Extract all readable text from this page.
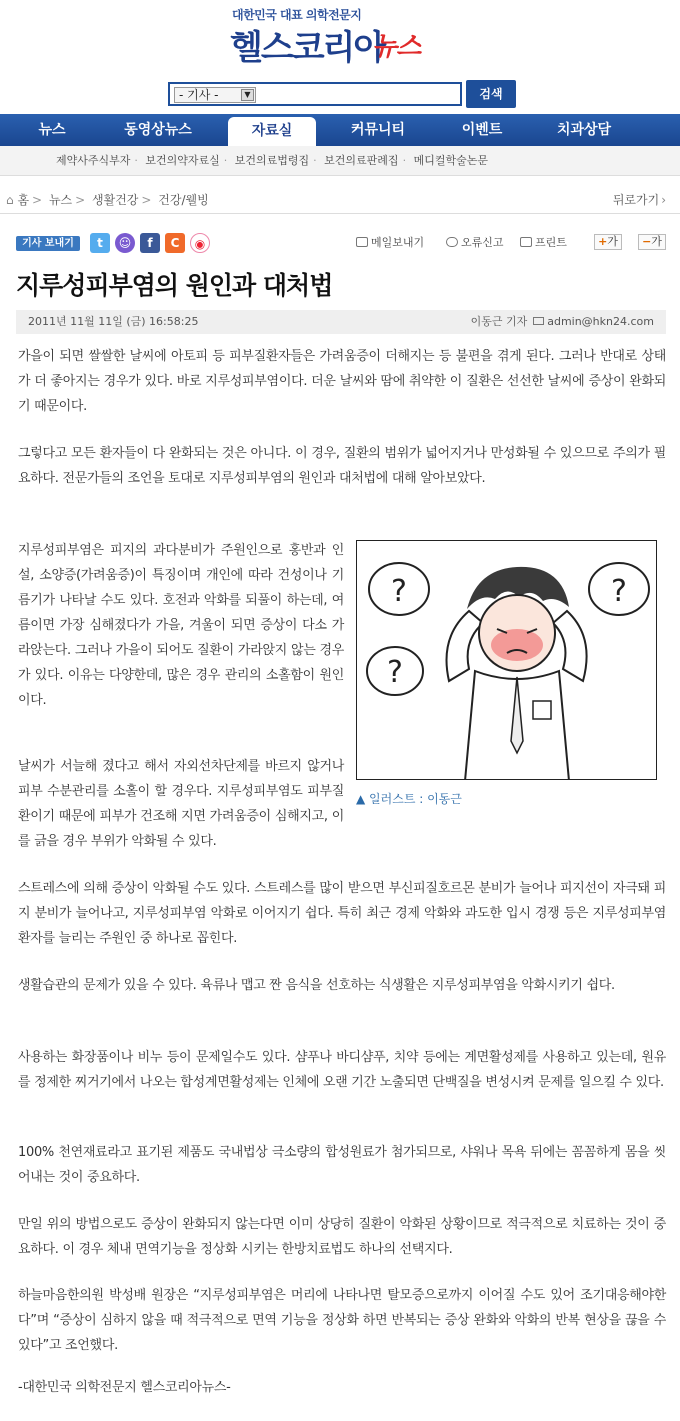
대한민국 대표 의학전문지
헬스코리아
뉴스
- 기사 -	▼	검색
뉴스	동영상뉴스	자료실	커뮤니티	이벤트	치과상담
제약사주식부자 · 보건의약자료실 · 보건의료법령집 · 보건의료판례집 · 메디컬학술논문
⌂ 홈 > 뉴스 > 생활건강 > 건강/웰빙	뒤로가기 ›
기사 보내기	t	☺	f	C	◉	메일보내기	오류신고	프린트	+가	−가
지루성피부염의 원인과 대처법
2011년 11월 11일 (금) 16:58:25	이동근 기자 admin@hkn24.com
가을이 되면 쌀쌀한 날씨에 아토피 등 피부질환자들은 가려움증이 더해지는 등 불편을 겪게 된다. 그러나 반대로 상태가 더 좋아지는 경우가 있다. 바로 지루성피부염이다. 더운 날씨와 땀에 취약한 이 질환은 선선한 날씨에 증상이 완화되기 때문이다.
그렇다고 모든 환자들이 다 완화되는 것은 아니다. 이 경우, 질환의 범위가 넓어지거나 만성화될 수 있으므로 주의가 필요하다. 전문가들의 조언을 토대로 지루성피부염의 원인과 대처법에 대해 알아보았다.
지루성피부염은 피지의 과다분비가 주원인으로 홍반과 인설, 소양증(가려움증)이 특징이며 개인에 따라 건성이나 기름기가 나타날 수도 있다. 호전과 악화를 되풀이 하는데, 여름이면 가장 심해졌다가 가을, 겨울이 되면 증상이 다소 가라앉는다. 그러나 가을이 되어도 질환이 가라앉지 않는 경우가 있다. 이유는 다양한데, 많은 경우 관리의 소홀함이 원인이다.
날씨가 서늘해 졌다고 해서 자외선차단제를 바르지 않거나 피부 수분관리를 소홀이 할 경우다. 지루성피부염도 피부질환이기 때문에 피부가 건조해 지면 가려움증이 심해지고, 이를 긁을 경우 부위가 악화될 수 있다.
?	?
?
▲ 일러스트 : 이동근
스트레스에 의해 증상이 악화될 수도 있다. 스트레스를 많이 받으면 부신피질호르몬 분비가 늘어나 피지선이 자극돼 피지 분비가 늘어나고, 지루성피부염 악화로 이어지기 쉽다. 특히 최근 경제 악화와 과도한 입시 경쟁 등은 지루성피부염 환자를 늘리는 주원인 중 하나로 꼽힌다.
생활습관의 문제가 있을 수 있다. 육류나 맵고 짠 음식을 선호하는 식생활은 지루성피부염을 악화시키기 쉽다.
사용하는 화장품이나 비누 등이 문제일수도 있다. 샴푸나 바디샴푸, 치약 등에는 계면활성제를 사용하고 있는데, 원유를 정제한 찌거기에서 나오는 합성계면활성제는 인체에 오랜 기간 노출되면 단백질을 변성시켜 문제를 일으킬 수 있다.
100% 천연재료라고 표기된 제품도 국내법상 극소량의 합성원료가 첨가되므로, 샤워나 목욕 뒤에는 꼼꼼하게 몸을 씻어내는 것이 중요하다.
만일 위의 방법으로도 증상이 완화되지 않는다면 이미 상당히 질환이 악화된 상황이므로 적극적으로 치료하는 것이 중요하다. 이 경우 체내 면역기능을 정상화 시키는 한방치료법도 하나의 선택지다.
하늘마음한의원 박성배 원장은 “지루성피부염은 머리에 나타나면 탈모증으로까지 이어질 수도 있어 조기대응해야한다”며 “증상이 심하지 않을 때 적극적으로 면역 기능을 정상화 하면 반복되는 증상 완화와 악화의 반복 현상을 끊을 수 있다”고 조언했다.
-대한민국 의학전문지 헬스코리아뉴스-
